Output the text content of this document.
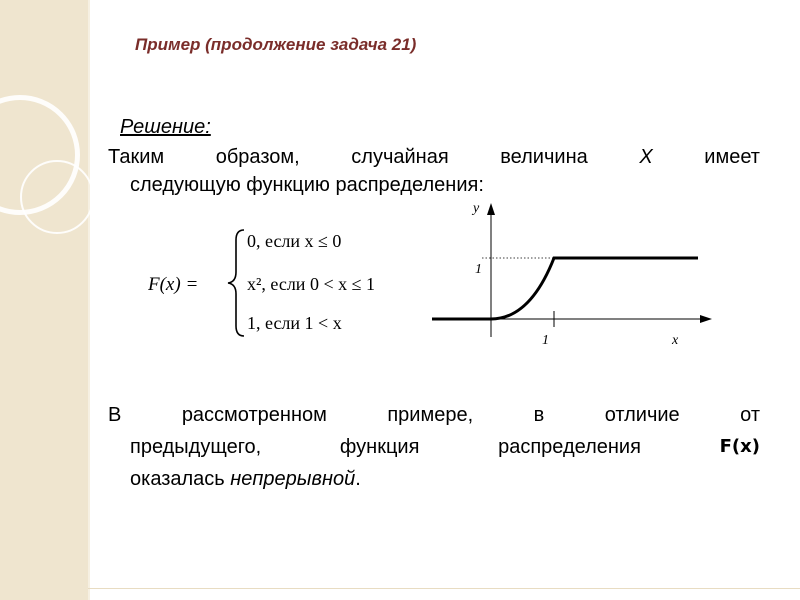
Пример (продолжение задача 21)
Решение:

Таким	образом,	случайная	величина	X	имеет

следующую функцию распределения:

F(x) =
0, если x ≤ 0
x², если 0 < x ≤ 1
1, если 1 < x
y
1
1	x

В	рассмотренном	примере,	в	отличие	от

предыдущего,	функция	распределения	F(x)

оказалась непрерывной.
